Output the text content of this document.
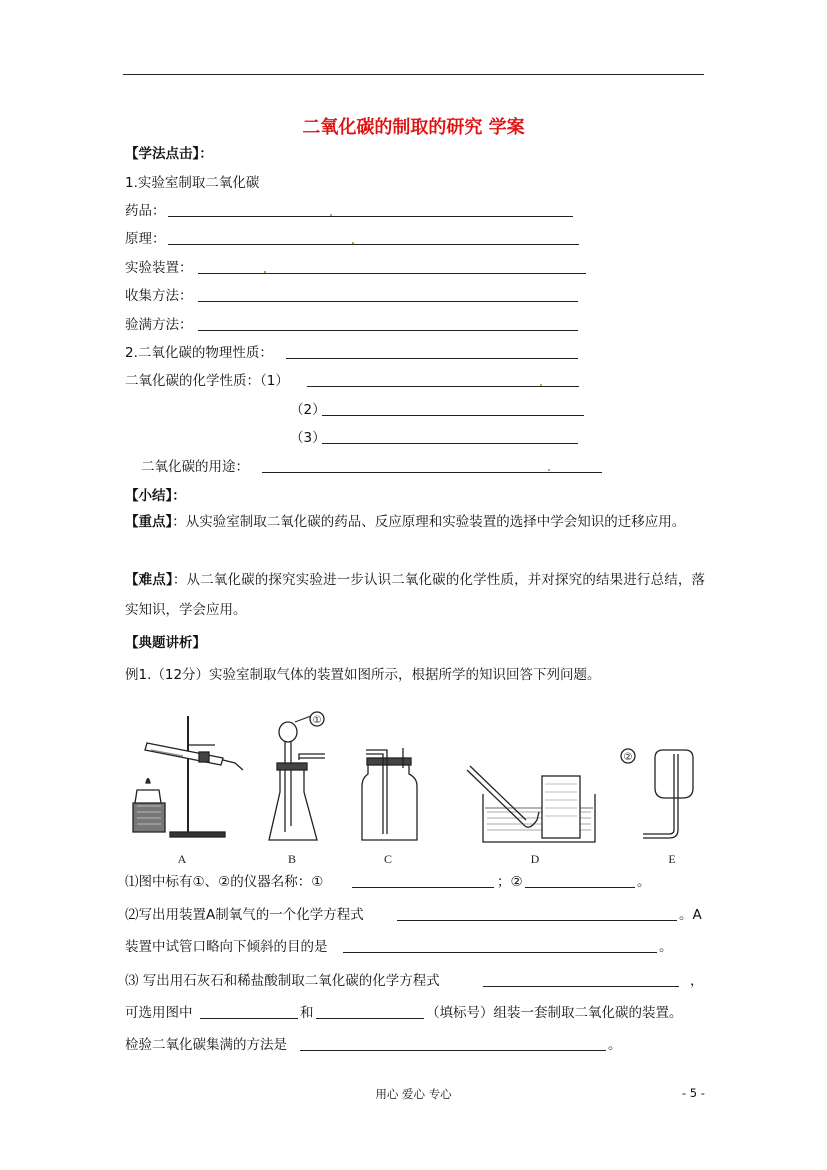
二氧化碳的制取的研究 学案
【学法点击】：
1.实验室制取二氧化碳
药品：
原理：
实验装置：
收集方法：
验满方法：
2.二氧化碳的物理性质：
二氧化碳的化学性质：（1）
（2）
（3）
二氧化碳的用途：
【小结】：
【重点】：从实验室制取二氧化碳的药品、反应原理和实验装置的选择中学会知识的迁移应用。
【难点】：从二氧化碳的探究实验进一步认识二氧化碳的化学性质，并对探究的结果进行总结，落实知识，学会应用。
【典题讲析】
例1.（12分）实验室制取气体的装置如图所示，根据所学的知识回答下列问题。
①
②
A	B	C	D	E
⑴图中标有①、②的仪器名称：①	；②	。
⑵写出用装置A制氧气的一个化学方程式	。A
装置中试管口略向下倾斜的目的是	。
⑶ 写出用石灰石和稀盐酸制取二氧化碳的化学方程式	，
可选用图中	和	（填标号）组装一套制取二氧化碳的装置。
检验二氧化碳集满的方法是	。
用心 爱心 专心	- 5 -
